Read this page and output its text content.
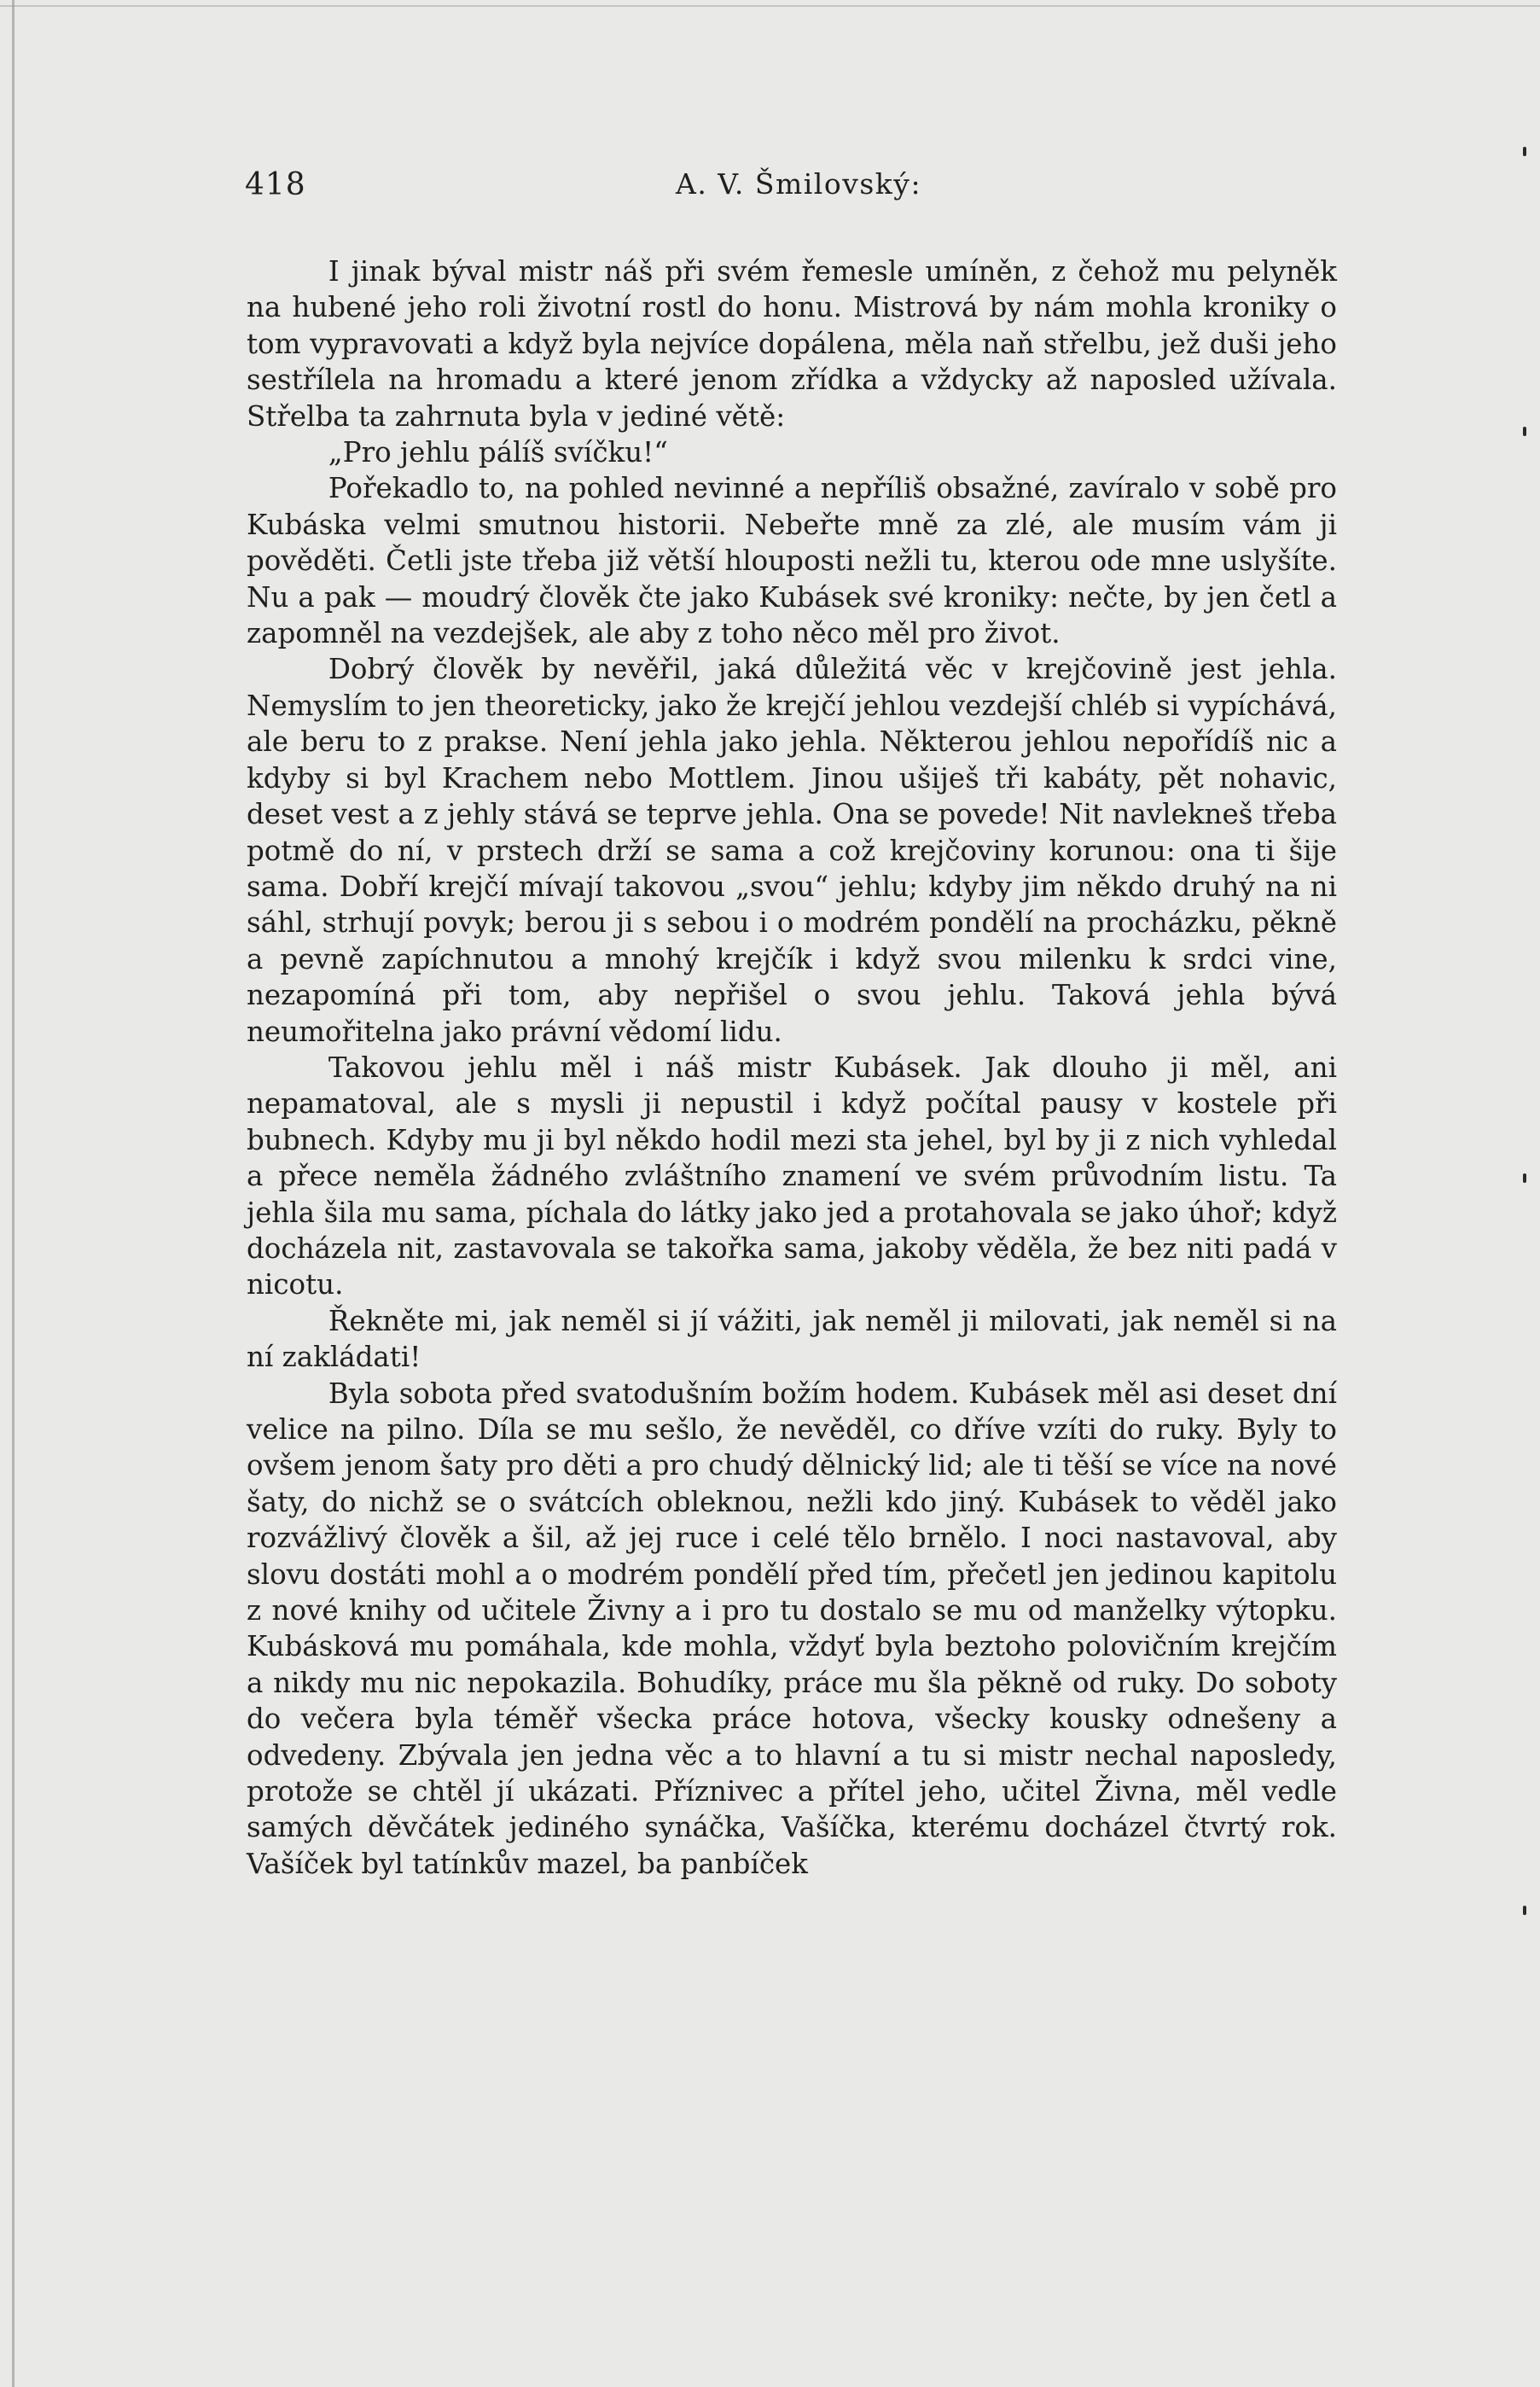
418	A. V. Šmilovský:

I jinak býval mistr náš při svém řemesle umíněn, z čehož mu pelyněk na hubené jeho roli životní rostl do honu. Mistrová by nám mohla kroniky o tom vypravovati a když byla nejvíce dopálena, měla naň střelbu, jež duši jeho sestřílela na hromadu a které jenom zřídka a vždycky až naposled užívala. Střelba ta zahrnuta byla v jediné větě:

„Pro jehlu pálíš svíčku!“

Pořekadlo to, na pohled nevinné a nepříliš obsažné, zavíralo v sobě pro Kubáska velmi smutnou historii. Nebeřte mně za zlé, ale musím vám ji pověděti. Četli jste třeba již větší hlouposti nežli tu, kterou ode mne uslyšíte. Nu a pak — moudrý člověk čte jako Kubásek své kroniky: nečte, by jen četl a zapomněl na vezdejšek, ale aby z toho něco měl pro život.

Dobrý člověk by nevěřil, jaká důležitá věc v krejčovině jest jehla. Nemyslím to jen theoreticky, jako že krejčí jehlou vezdejší chléb si vypíchává, ale beru to z prakse. Není jehla jako jehla. Některou jehlou nepořídíš nic a kdyby si byl Krachem nebo Mottlem. Jinou ušiješ tři kabáty, pět nohavic, deset vest a z jehly stává se teprve jehla. Ona se povede! Nit navlekneš třeba potmě do ní, v prstech drží se sama a což krejčoviny korunou: ona ti šije sama. Dobří krejčí mívají takovou „svou“ jehlu; kdyby jim někdo druhý na ni sáhl, strhují povyk; berou ji s sebou i o modrém pondělí na procházku, pěkně a pevně zapíchnutou a mnohý krejčík i když svou milenku k srdci vine, nezapomíná při tom, aby nepřišel o svou jehlu. Taková jehla bývá neumořitelna jako právní vědomí lidu.

Takovou jehlu měl i náš mistr Kubásek. Jak dlouho ji měl, ani nepamatoval, ale s mysli ji nepustil i když počítal pausy v kostele při bubnech. Kdyby mu ji byl někdo hodil mezi sta jehel, byl by ji z nich vyhledal a přece neměla žádného zvláštního znamení ve svém průvodním listu. Ta jehla šila mu sama, píchala do látky jako jed a protahovala se jako úhoř; když docházela nit, zastavovala se takořka sama, jakoby věděla, že bez niti padá v nicotu.

Řekněte mi, jak neměl si jí vážiti, jak neměl ji milovati, jak neměl si na ní zakládati!

Byla sobota před svatodušním božím hodem. Kubásek měl asi deset dní velice na pilno. Díla se mu sešlo, že nevěděl, co dříve vzíti do ruky. Byly to ovšem jenom šaty pro děti a pro chudý dělnický lid; ale ti těší se více na nové šaty, do nichž se o svátcích obleknou, nežli kdo jiný. Kubásek to věděl jako rozvážlivý člověk a šil, až jej ruce i celé tělo brnělo. I noci nastavoval, aby slovu dostáti mohl a o modrém pondělí před tím, přečetl jen jedinou kapitolu z nové knihy od učitele Živny a i pro tu dostalo se mu od manželky výtopku. Kubásková mu pomáhala, kde mohla, vždyť byla beztoho polovičním krejčím a nikdy mu nic nepokazila. Bohudíky, práce mu šla pěkně od ruky. Do soboty do večera byla téměř všecka práce hotova, všecky kousky odnešeny a odvedeny. Zbývala jen jedna věc a to hlavní a tu si mistr nechal naposledy, protože se chtěl jí ukázati. Příznivec a přítel jeho, učitel Živna, měl vedle samých děvčátek jediného synáčka, Vašíčka, kterému docházel čtvrtý rok. Vašíček byl tatínkův mazel, ba panbíček
